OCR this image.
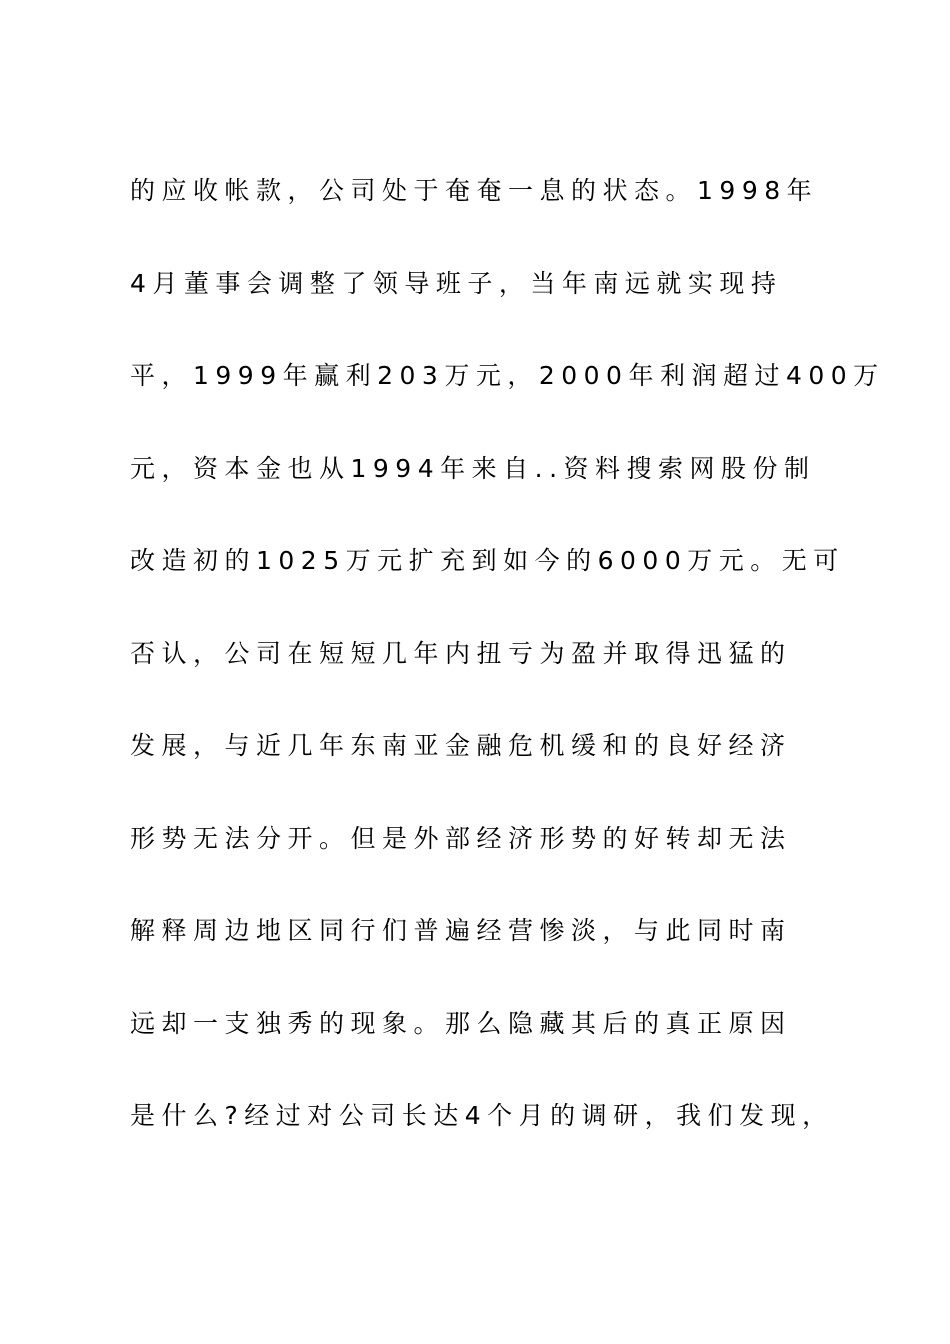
的应收帐款，公司处于奄奄一息的状态。1998年
4月董事会调整了领导班子，当年南远就实现持
平，1999年赢利203万元，2000年利润超过400万
元，资本金也从1994年来自..资料搜索网股份制
改造初的1025万元扩充到如今的6000万元。无可
否认，公司在短短几年内扭亏为盈并取得迅猛的
发展，与近几年东南亚金融危机缓和的良好经济
形势无法分开。但是外部经济形势的好转却无法
解释周边地区同行们普遍经营惨淡，与此同时南
远却一支独秀的现象。那么隐藏其后的真正原因
是什么?经过对公司长达4个月的调研，我们发现，
